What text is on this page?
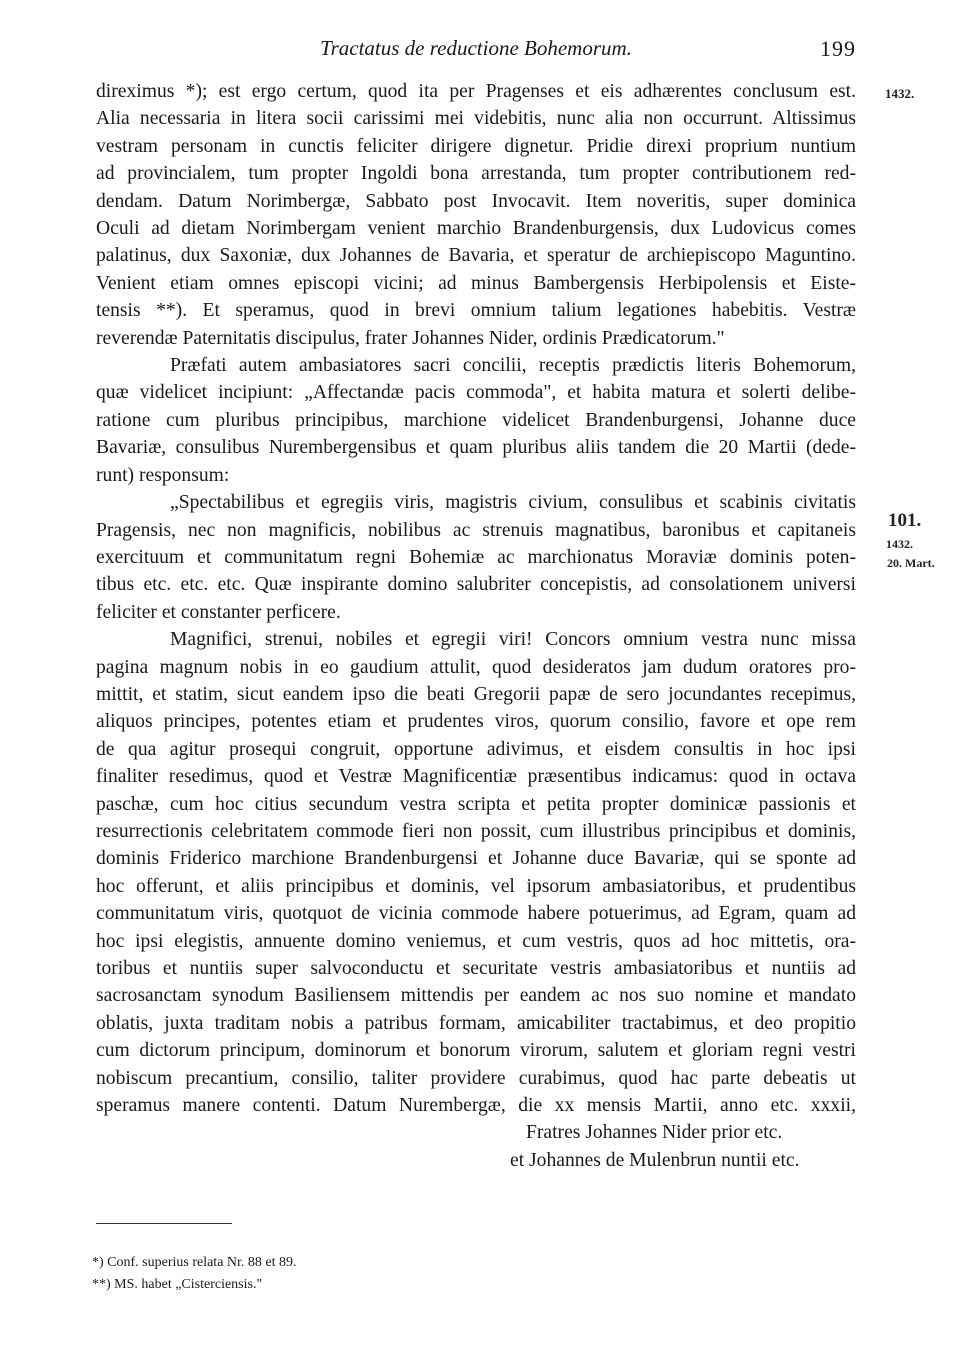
Tractatus de reductione Bohemorum.	199
1432.
101.
1432.
20. Mart.
direximus *); est ergo certum, quod ita per Pragenses et eis adhærentes conclusum est.
Alia necessaria in litera socii carissimi mei videbitis, nunc alia non occurrunt. Altissimus
vestram personam in cunctis feliciter dirigere dignetur. Pridie direxi proprium nuntium
ad provincialem, tum propter Ingoldi bona arrestanda, tum propter contributionem red-
dendam. Datum Norimbergæ, Sabbato post Invocavit. Item noveritis, super dominica
Oculi ad dietam Norimbergam venient marchio Brandenburgensis, dux Ludovicus comes
palatinus, dux Saxoniæ, dux Johannes de Bavaria, et speratur de archiepiscopo Maguntino.
Venient etiam omnes episcopi vicini; ad minus Bambergensis Herbipolensis et Eiste-
tensis **). Et speramus, quod in brevi omnium talium legationes habebitis. Vestræ
reverendæ Paternitatis discipulus, frater Johannes Nider, ordinis Prædicatorum."
Præfati autem ambasiatores sacri concilii, receptis prædictis literis Bohemorum,
quæ videlicet incipiunt: „Affectandæ pacis commoda", et habita matura et solerti delibe-
ratione cum pluribus principibus, marchione videlicet Brandenburgensi, Johanne duce
Bavariæ, consulibus Nurembergensibus et quam pluribus aliis tandem die 20 Martii (dede-
runt) responsum:
„Spectabilibus et egregiis viris, magistris civium, consulibus et scabinis civitatis
Pragensis, nec non magnificis, nobilibus ac strenuis magnatibus, baronibus et capitaneis
exercituum et communitatum regni Bohemiæ ac marchionatus Moraviæ dominis poten-
tibus etc. etc. etc. Quæ inspirante domino salubriter concepistis, ad consolationem universi
feliciter et constanter perficere.
Magnifici, strenui, nobiles et egregii viri! Concors omnium vestra nunc missa
pagina magnum nobis in eo gaudium attulit, quod desideratos jam dudum oratores pro-
mittit, et statim, sicut eandem ipso die beati Gregorii papæ de sero jocundantes recepimus,
aliquos principes, potentes etiam et prudentes viros, quorum consilio, favore et ope rem
de qua agitur prosequi congruit, opportune adivimus, et eisdem consultis in hoc ipsi
finaliter resedimus, quod et Vestræ Magnificentiæ præsentibus indicamus: quod in octava
paschæ, cum hoc citius secundum vestra scripta et petita propter dominicæ passionis et
resurrectionis celebritatem commode fieri non possit, cum illustribus principibus et dominis,
dominis Friderico marchione Brandenburgensi et Johanne duce Bavariæ, qui se sponte ad
hoc offerunt, et aliis principibus et dominis, vel ipsorum ambasiatoribus, et prudentibus
communitatum viris, quotquot de vicinia commode habere potuerimus, ad Egram, quam ad
hoc ipsi elegistis, annuente domino veniemus, et cum vestris, quos ad hoc mittetis, ora-
toribus et nuntiis super salvoconductu et securitate vestris ambasiatoribus et nuntiis ad
sacrosanctam synodum Basiliensem mittendis per eandem ac nos suo nomine et mandato
oblatis, juxta traditam nobis a patribus formam, amicabiliter tractabimus, et deo propitio
cum dictorum principum, dominorum et bonorum virorum, salutem et gloriam regni vestri
nobiscum precantium, consilio, taliter providere curabimus, quod hac parte debeatis ut
speramus manere contenti. Datum Nurembergæ, die xx mensis Martii, anno etc. xxxii,
Fratres Johannes Nider prior etc.
et Johannes de Mulenbrun nuntii etc.
*) Conf. superius relata Nr. 88 et 89.
**) MS. habet „Cisterciensis."
